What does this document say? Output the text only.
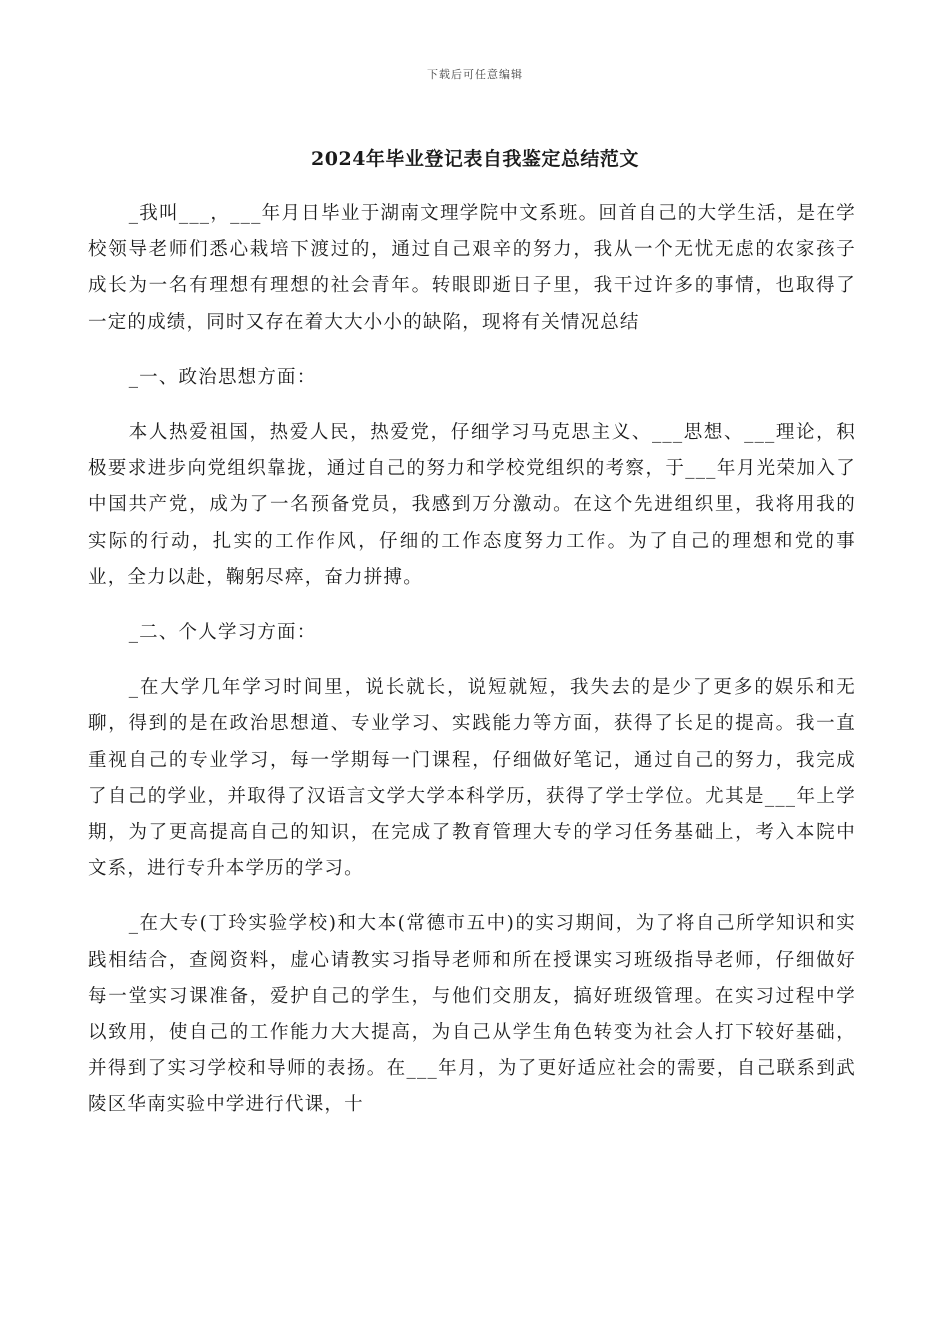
下载后可任意编辑
2024年毕业登记表自我鉴定总结范文

_我叫___，___年月日毕业于湖南文理学院中文系班。回首自己的大学生活，是在学校领导老师们悉心栽培下渡过的，通过自己艰辛的努力，我从一个无忧无虑的农家孩子成长为一名有理想有理想的社会青年。转眼即逝日子里，我干过许多的事情，也取得了一定的成绩，同时又存在着大大小小的缺陷，现将有关情况总结

_一、政治思想方面：

本人热爱祖国，热爱人民，热爱党，仔细学习马克思主义、___思想、___理论，积极要求进步向党组织靠拢，通过自己的努力和学校党组织的考察，于___年月光荣加入了中国共产党，成为了一名预备党员，我感到万分激动。在这个先进组织里，我将用我的实际的行动，扎实的工作作风，仔细的工作态度努力工作。为了自己的理想和党的事业，全力以赴，鞠躬尽瘁，奋力拼搏。

_二、个人学习方面：

_在大学几年学习时间里，说长就长，说短就短，我失去的是少了更多的娱乐和无聊，得到的是在政治思想道、专业学习、实践能力等方面，获得了长足的提高。我一直重视自己的专业学习，每一学期每一门课程，仔细做好笔记，通过自己的努力，我完成了自己的学业，并取得了汉语言文学大学本科学历，获得了学士学位。尤其是___年上学期，为了更高提高自己的知识，在完成了教育管理大专的学习任务基础上，考入本院中文系，进行专升本学历的学习。

_在大专(丁玲实验学校)和大本(常德市五中)的实习期间，为了将自己所学知识和实践相结合，查阅资料，虚心请教实习指导老师和所在授课实习班级指导老师，仔细做好每一堂实习课准备，爱护自己的学生，与他们交朋友，搞好班级管理。在实习过程中学以致用，使自己的工作能力大大提高，为自己从学生角色转变为社会人打下较好基础，并得到了实习学校和导师的表扬。在___年月，为了更好适应社会的需要，自己联系到武陵区华南实验中学进行代课，十
